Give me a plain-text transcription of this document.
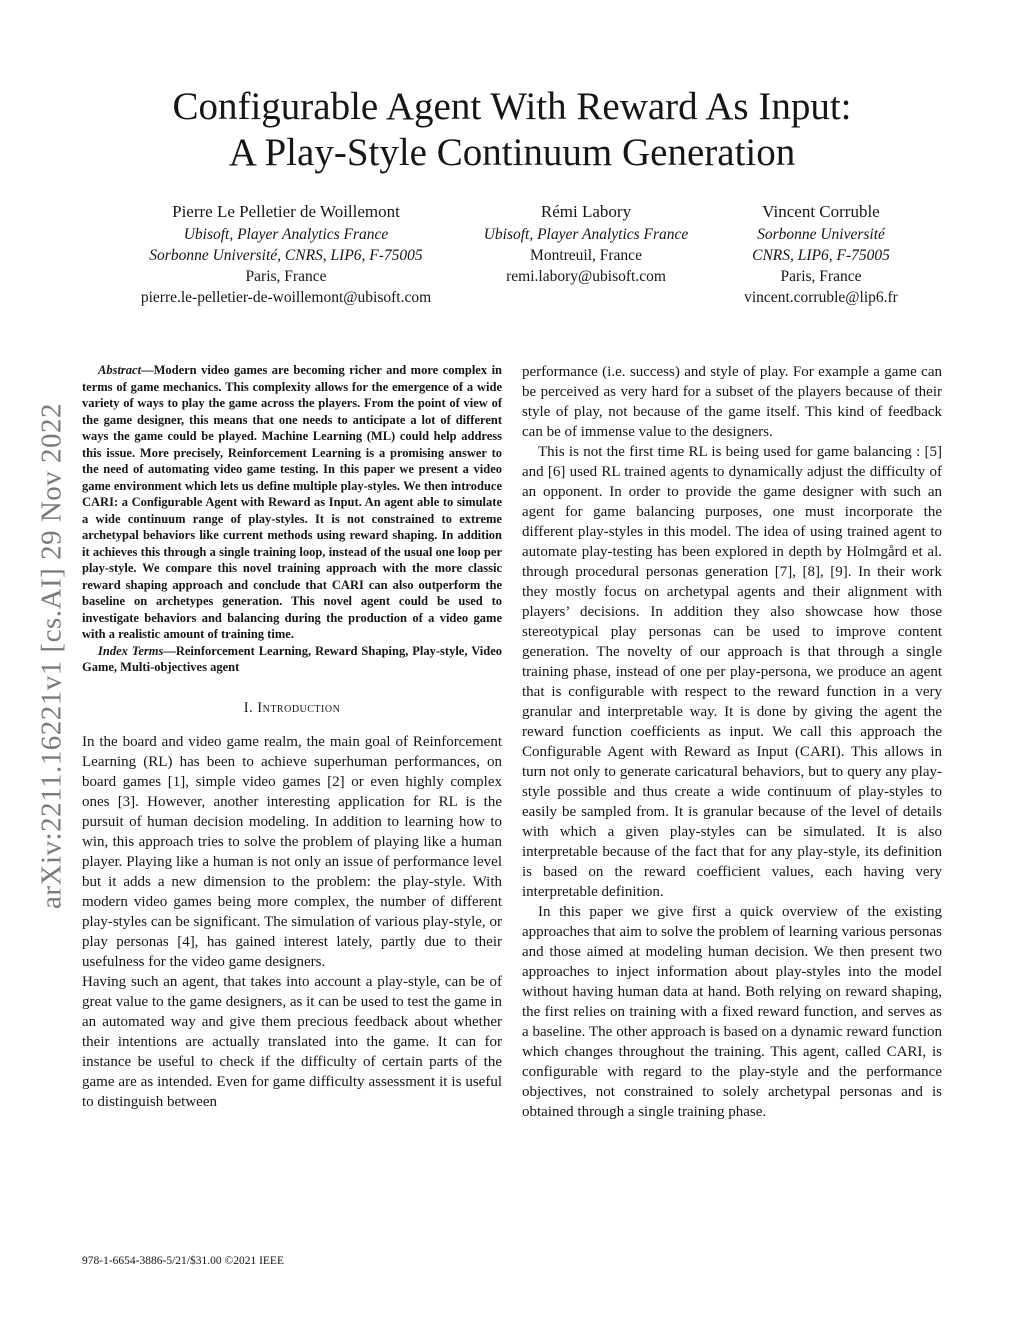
Configurable Agent With Reward As Input:
A Play-Style Continuum Generation
Pierre Le Pelletier de Woillemont
Ubisoft, Player Analytics France
Sorbonne Université, CNRS, LIP6, F-75005
Paris, France
pierre.le-pelletier-de-woillemont@ubisoft.com
Rémi Labory
Ubisoft, Player Analytics France
Montreuil, France
remi.labory@ubisoft.com
Vincent Corruble
Sorbonne Université
CNRS, LIP6, F-75005
Paris, France
vincent.corruble@lip6.fr
arXiv:2211.16221v1 [cs.AI] 29 Nov 2022

Abstract—Modern video games are becoming richer and more complex in terms of game mechanics. This complexity allows for the emergence of a wide variety of ways to play the game across the players. From the point of view of the game designer, this means that one needs to anticipate a lot of different ways the game could be played. Machine Learning (ML) could help address this issue. More precisely, Reinforcement Learning is a promising answer to the need of automating video game testing. In this paper we present a video game environment which lets us define multiple play-styles. We then introduce CARI: a Configurable Agent with Reward as Input. An agent able to simulate a wide continuum range of play-styles. It is not constrained to extreme archetypal behaviors like current methods using reward shaping. In addition it achieves this through a single training loop, instead of the usual one loop per play-style. We compare this novel training approach with the more classic reward shaping approach and conclude that CARI can also outperform the baseline on archetypes generation. This novel agent could be used to investigate behaviors and balancing during the production of a video game with a realistic amount of training time.

Index Terms—Reinforcement Learning, Reward Shaping, Play-style, Video Game, Multi-objectives agent

I. Introduction

In the board and video game realm, the main goal of Reinforcement Learning (RL) has been to achieve superhuman performances, on board games [1], simple video games [2] or even highly complex ones [3]. However, another interesting application for RL is the pursuit of human decision modeling. In addition to learning how to win, this approach tries to solve the problem of playing like a human player. Playing like a human is not only an issue of performance level but it adds a new dimension to the problem: the play-style. With modern video games being more complex, the number of different play-styles can be significant. The simulation of various play-style, or play personas [4], has gained interest lately, partly due to their usefulness for the video game designers.

Having such an agent, that takes into account a play-style, can be of great value to the game designers, as it can be used to test the game in an automated way and give them precious feedback about whether their intentions are actually translated into the game. It can for instance be useful to check if the difficulty of certain parts of the game are as intended. Even for game difficulty assessment it is useful to distinguish between

performance (i.e. success) and style of play. For example a game can be perceived as very hard for a subset of the players because of their style of play, not because of the game itself. This kind of feedback can be of immense value to the designers.

This is not the first time RL is being used for game balancing : [5] and [6] used RL trained agents to dynamically adjust the difficulty of an opponent. In order to provide the game designer with such an agent for game balancing purposes, one must incorporate the different play-styles in this model. The idea of using trained agent to automate play-testing has been explored in depth by Holmgård et al. through procedural personas generation [7], [8], [9]. In their work they mostly focus on archetypal agents and their alignment with players’ decisions. In addition they also showcase how those stereotypical play personas can be used to improve content generation. The novelty of our approach is that through a single training phase, instead of one per play-persona, we produce an agent that is configurable with respect to the reward function in a very granular and interpretable way. It is done by giving the agent the reward function coefficients as input. We call this approach the Configurable Agent with Reward as Input (CARI). This allows in turn not only to generate caricatural behaviors, but to query any play-style possible and thus create a wide continuum of play-styles to easily be sampled from. It is granular because of the level of details with which a given play-styles can be simulated. It is also interpretable because of the fact that for any play-style, its definition is based on the reward coefficient values, each having very interpretable definition.

In this paper we give first a quick overview of the existing approaches that aim to solve the problem of learning various personas and those aimed at modeling human decision. We then present two approaches to inject information about play-styles into the model without having human data at hand. Both relying on reward shaping, the first relies on training with a fixed reward function, and serves as a baseline. The other approach is based on a dynamic reward function which changes throughout the training. This agent, called CARI, is configurable with regard to the play-style and the performance objectives, not constrained to solely archetypal personas and is obtained through a single training phase.

978-1-6654-3886-5/21/$31.00 ©2021 IEEE
